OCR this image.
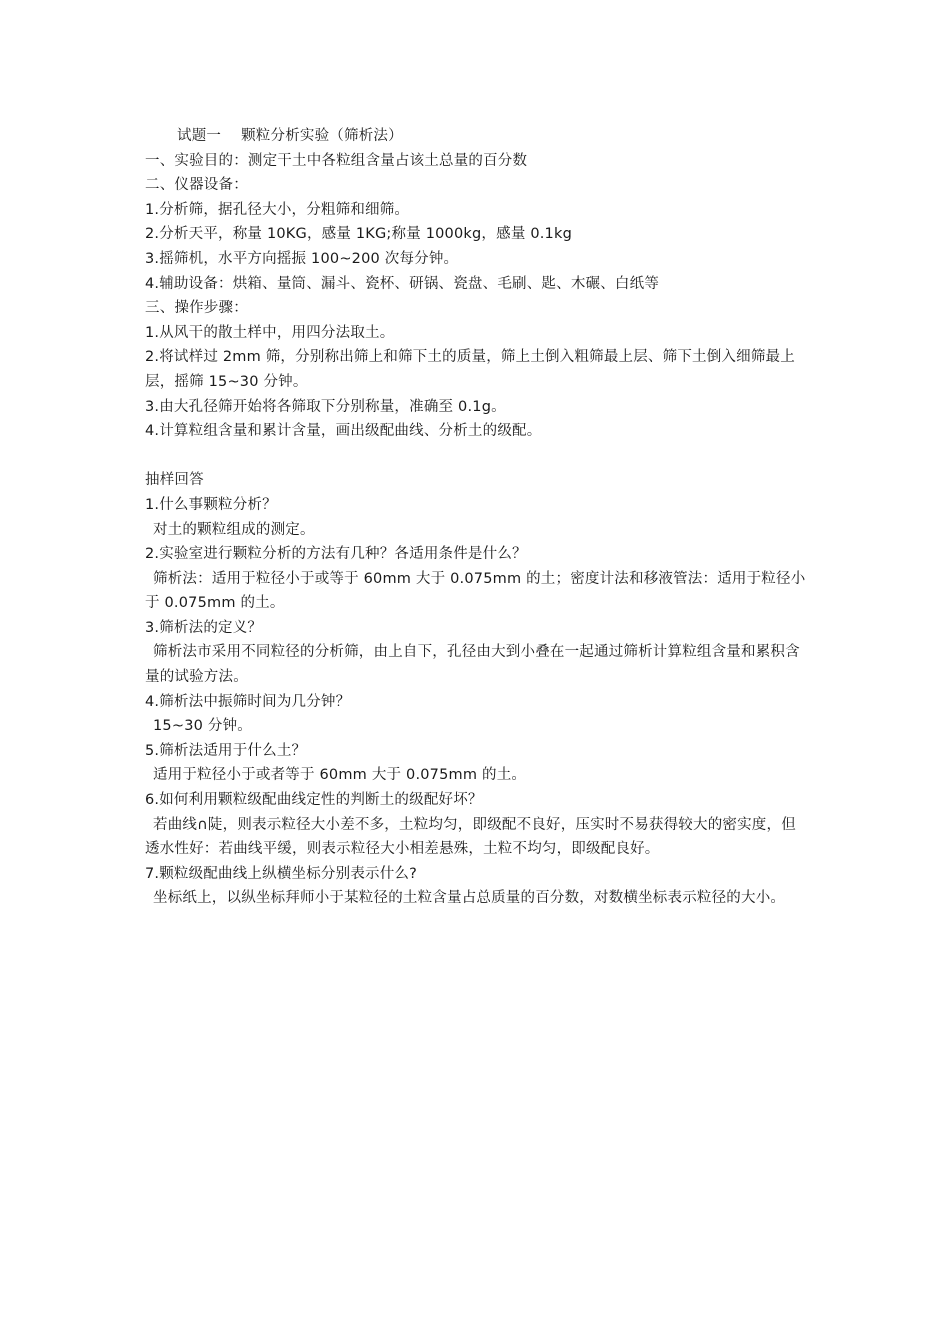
试题一 颗粒分析实验（筛析法）

一、实验目的：测定干土中各粒组含量占该土总量的百分数

二、仪器设备：

1.分析筛，据孔径大小，分粗筛和细筛。

2.分析天平，称量 10KG，感量 1KG;称量 1000kg，感量 0.1kg

3.摇筛机，水平方向摇振 100~200 次每分钟。

4.辅助设备：烘箱、量筒、漏斗、瓷杯、研锅、瓷盘、毛刷、匙、木碾、白纸等

三、操作步骤：

1.从风干的散土样中，用四分法取土。

2.将试样过 2mm 筛，分别称出筛上和筛下土的质量，筛上土倒入粗筛最上层、筛下土倒入细筛最上层，摇筛 15~30 分钟。

3.由大孔径筛开始将各筛取下分别称量，准确至 0.1g。

4.计算粒组含量和累计含量，画出级配曲线、分析土的级配。

抽样回答

1.什么事颗粒分析？

对土的颗粒组成的测定。

2.实验室进行颗粒分析的方法有几种？各适用条件是什么？

筛析法：适用于粒径小于或等于 60mm 大于 0.075mm 的土；密度计法和移液管法：适用于粒径小于 0.075mm 的土。

3.筛析法的定义？

筛析法市采用不同粒径的分析筛，由上自下，孔径由大到小叠在一起通过筛析计算粒组含量和累积含量的试验方法。

4.筛析法中振筛时间为几分钟？

15~30 分钟。

5.筛析法适用于什么土？

适用于粒径小于或者等于 60mm 大于 0.075mm 的土。

6.如何利用颗粒级配曲线定性的判断土的级配好坏？

若曲线∩陡，则表示粒径大小差不多，土粒均匀，即级配不良好，压实时不易获得较大的密实度，但透水性好：若曲线平缓，则表示粒径大小相差悬殊，土粒不均匀，即级配良好。

7.颗粒级配曲线上纵横坐标分别表示什么?

坐标纸上，以纵坐标拜师小于某粒径的土粒含量占总质量的百分数，对数横坐标表示粒径的大小。
